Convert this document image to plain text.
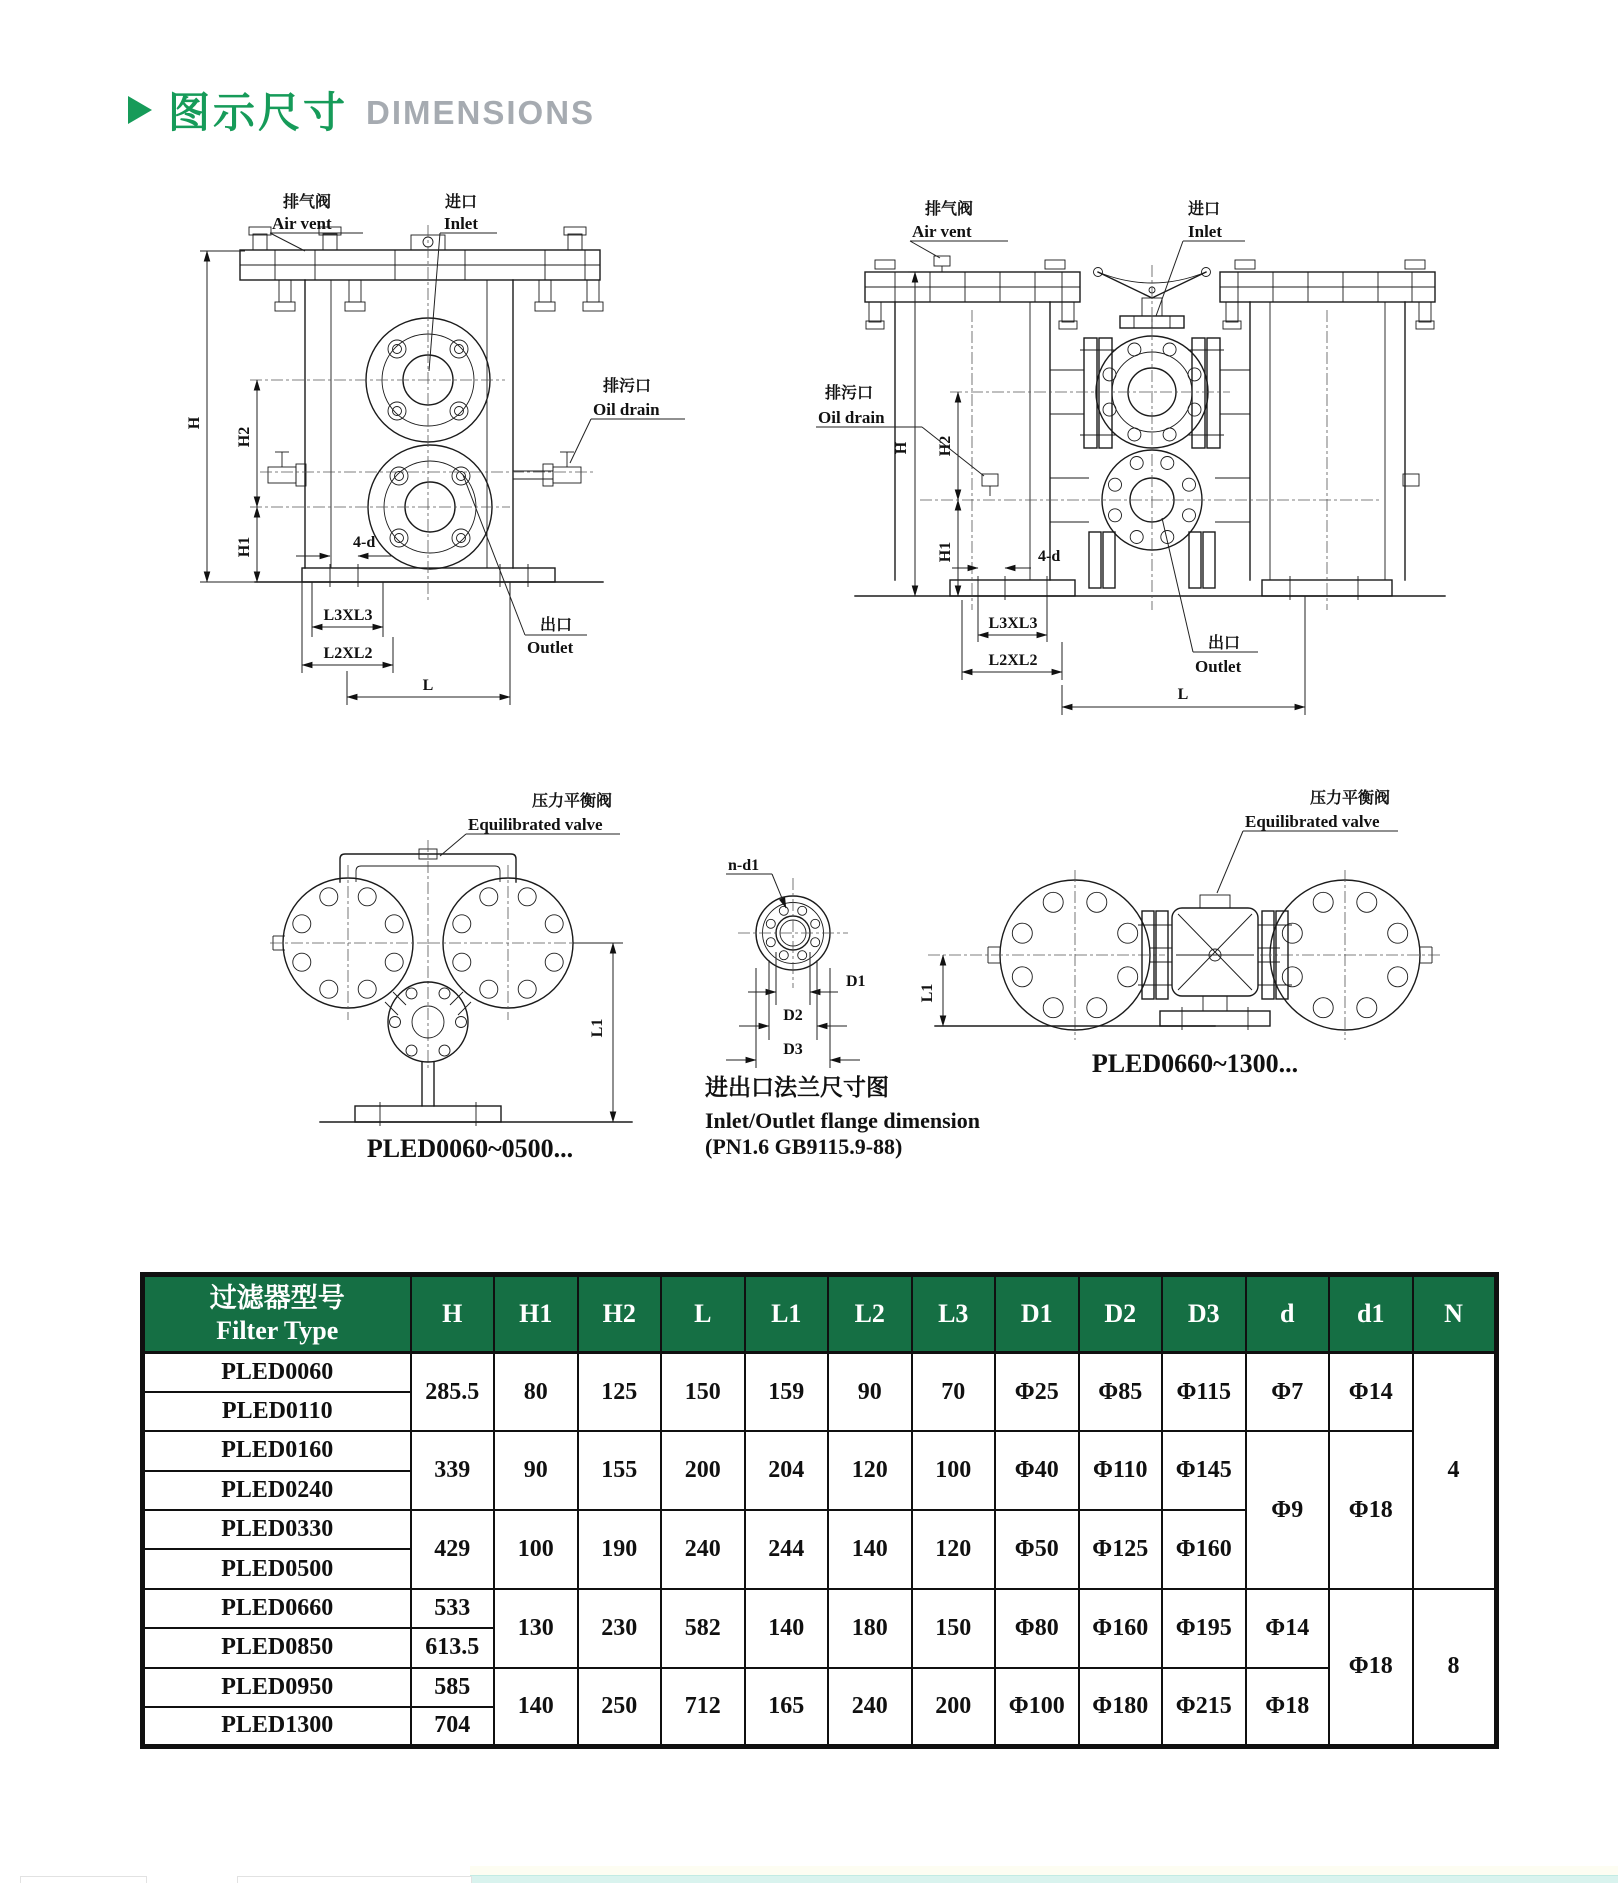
图示尺寸 DIMENSIONS
H
H2
H1	4-d
L3XL3
L2XL2
L
排气阀
Air vent
进口
Inlet
排污口
Oil drain
出口
Outlet
H H2
H1	4-d
L3XL3
L2XL2
L
排气阀
Air vent
进口
Inlet
排污口
Oil drain
出口
Outlet
L1
压力平衡阀
Equilibrated valve
PLED0060~0500...
n-d1
D1
D2
D3
进出口法兰尺寸图
Inlet/Outlet flange dimension
(PN1.6 GB9115.9-88)
L1
压力平衡阀
Equilibrated valve
PLED0660~1300...
过滤器型号
Filter Type	H	H1	H2	L	L1	L2	L3	D1	D2	D3	d	d1	N
PLED0060	285.5	80	125	150	159	90	70	Φ25	Φ85	Φ115	Φ7	Φ14	4
PLED0110													
PLED0160	339	90	155	200	204	120	100	Φ40	Φ110	Φ145	Φ9	Φ18	
PLED0240													
PLED0330	429	100	190	240	244	140	120	Φ50	Φ125	Φ160			
PLED0500													
PLED0660	533	130	230	582	140	180	150	Φ80	Φ160	Φ195	Φ14	Φ18	8
PLED0850	613.5												
PLED0950	585	140	250	712	165	240	200	Φ100	Φ180	Φ215	Φ18		
PLED1300	704												
